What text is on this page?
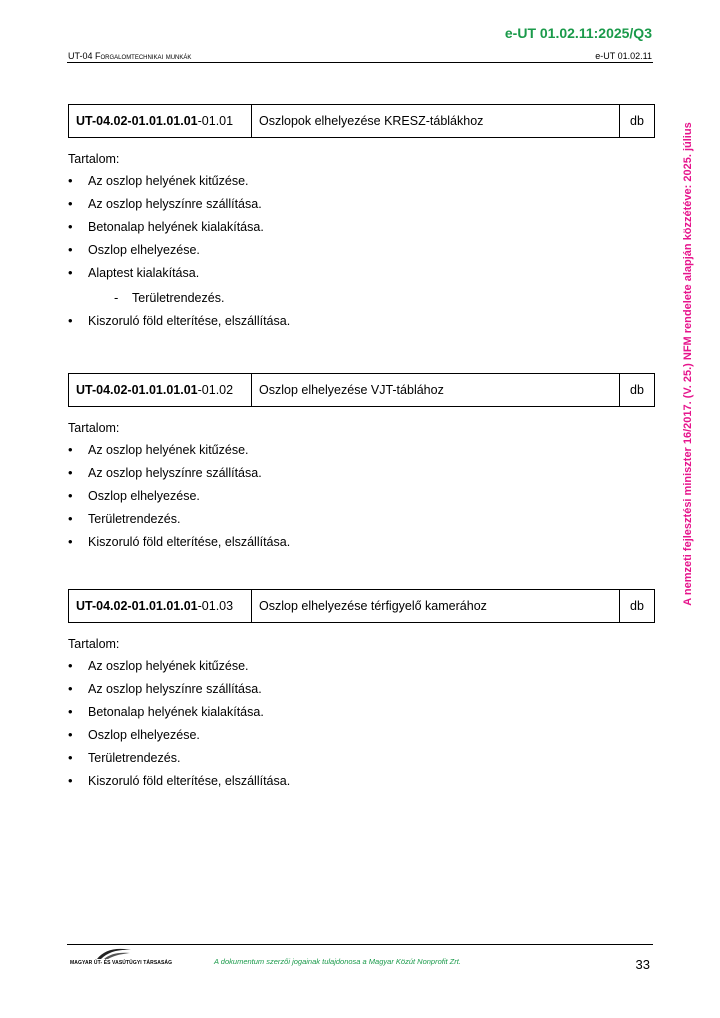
e-UT 01.02.11:2025/Q3
UT-04 Forgalomtechnikai munkák	e-UT 01.02.11
A nemzeti fejlesztési miniszter 16/2017. (V. 25.) NFM rendelete alapján közzétéve: 2025. július
UT-04.02-01.01.01.01 -01.01	Oszlopok elhelyezése KRESZ-táblákhoz	db
Tartalom:
• Az oszlop helyének kitűzése.
• Az oszlop helyszínre szállítása.
• Betonalap helyének kialakítása.
• Oszlop elhelyezése.
• Alaptest kialakítása.
- Területrendezés.
• Kiszoruló föld elterítése, elszállítása.
UT-04.02-01.01.01.01 -01.02	Oszlop elhelyezése VJT-táblához	db
Tartalom:
• Az oszlop helyének kitűzése.
• Az oszlop helyszínre szállítása.
• Oszlop elhelyezése.
• Területrendezés.
• Kiszoruló föld elterítése, elszállítása.
UT-04.02-01.01.01.01 -01.03	Oszlop elhelyezése térfigyelő kamerához	db
Tartalom:
• Az oszlop helyének kitűzése.
• Az oszlop helyszínre szállítása.
• Betonalap helyének kialakítása.
• Oszlop elhelyezése.
• Területrendezés.
• Kiszoruló föld elterítése, elszállítása.
MAGYAR ÚT- ÉS VASÚTÜGYI TÁRSASÁG	A dokumentum szerzői jogainak tulajdonosa a Magyar Közút Nonprofit Zrt.	33
